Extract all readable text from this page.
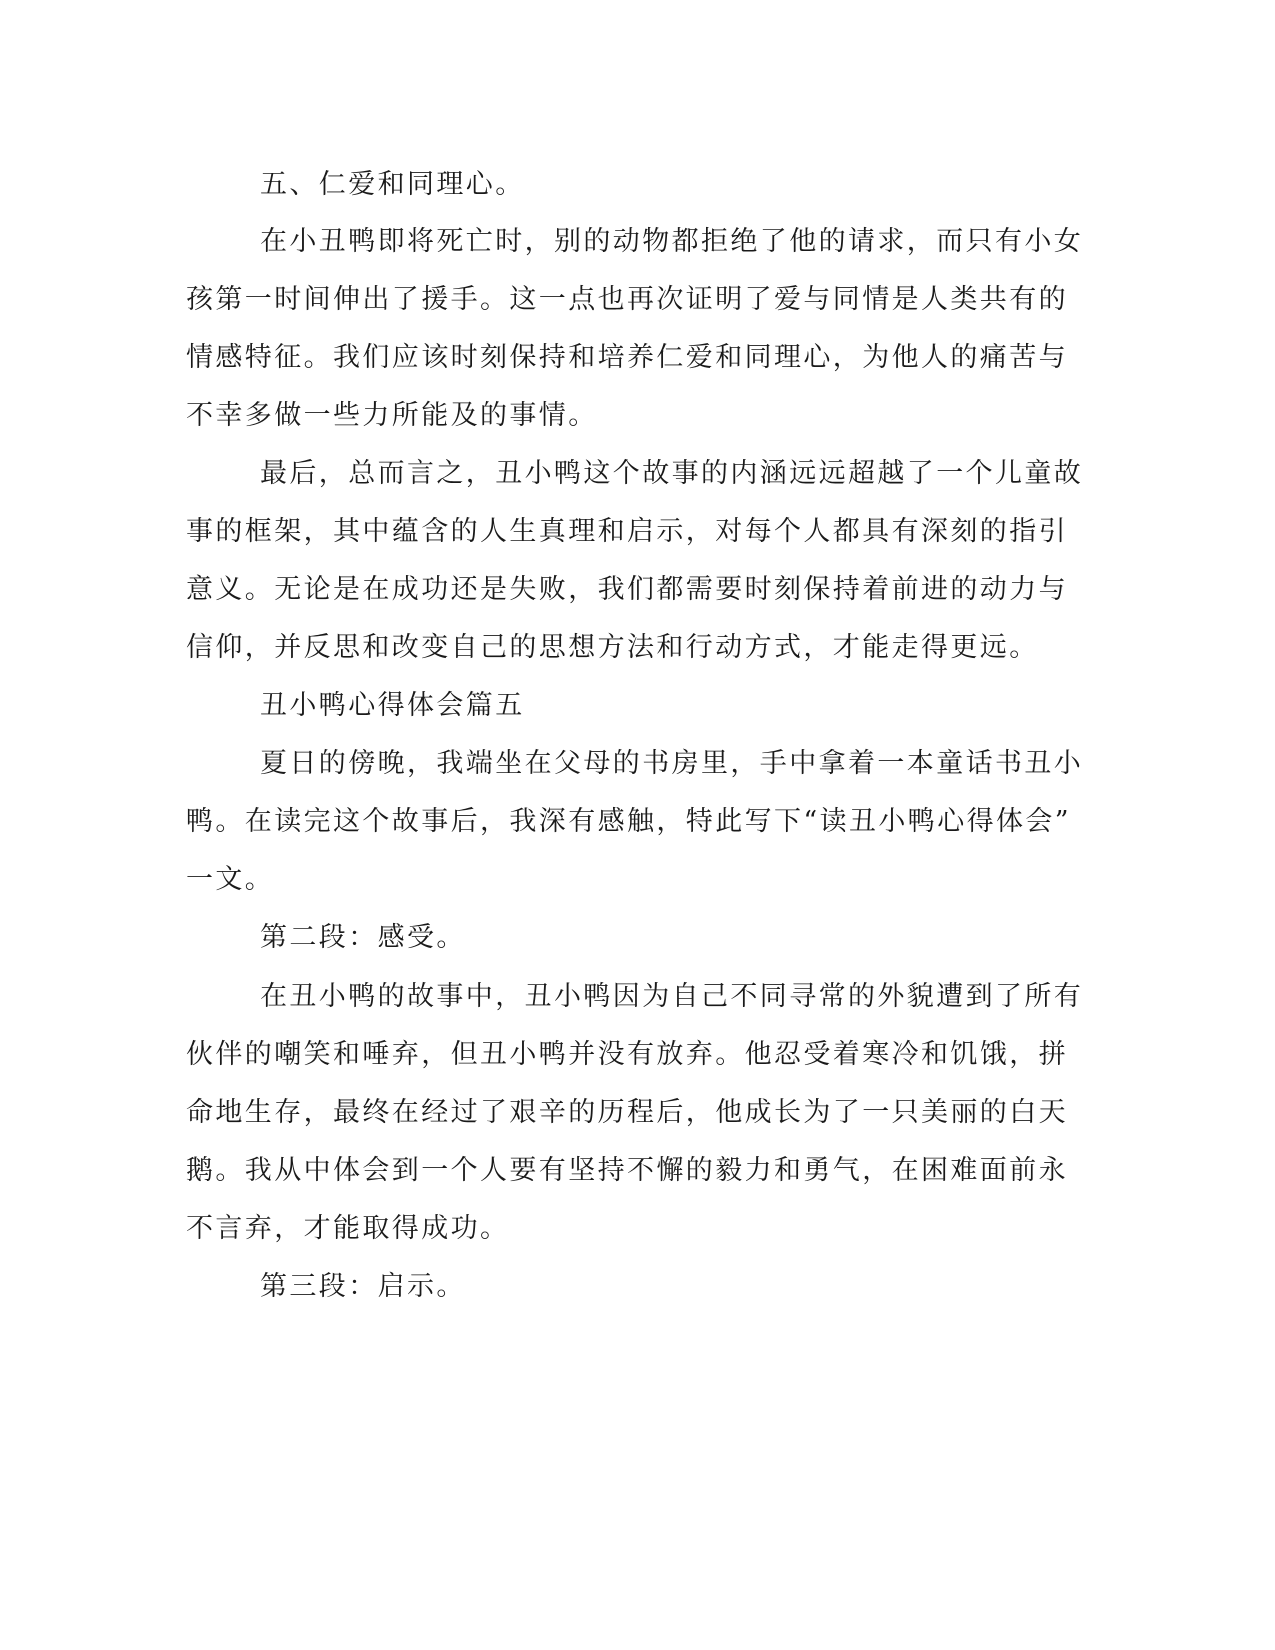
五、仁爱和同理心。
在小丑鸭即将死亡时，别的动物都拒绝了他的请求，而只有小女
孩第一时间伸出了援手。这一点也再次证明了爱与同情是人类共有的
情感特征。我们应该时刻保持和培养仁爱和同理心，为他人的痛苦与
不幸多做一些力所能及的事情。
最后，总而言之，丑小鸭这个故事的内涵远远超越了一个儿童故
事的框架，其中蕴含的人生真理和启示，对每个人都具有深刻的指引
意义。无论是在成功还是失败，我们都需要时刻保持着前进的动力与
信仰，并反思和改变自己的思想方法和行动方式，才能走得更远。
丑小鸭心得体会篇五
夏日的傍晚，我端坐在父母的书房里，手中拿着一本童话书丑小
鸭。在读完这个故事后，我深有感触，特此写下“读丑小鸭心得体会”
一文。
第二段：感受。
在丑小鸭的故事中，丑小鸭因为自己不同寻常的外貌遭到了所有
伙伴的嘲笑和唾弃，但丑小鸭并没有放弃。他忍受着寒冷和饥饿，拼
命地生存，最终在经过了艰辛的历程后，他成长为了一只美丽的白天
鹅。我从中体会到一个人要有坚持不懈的毅力和勇气，在困难面前永
不言弃，才能取得成功。
第三段：启示。
